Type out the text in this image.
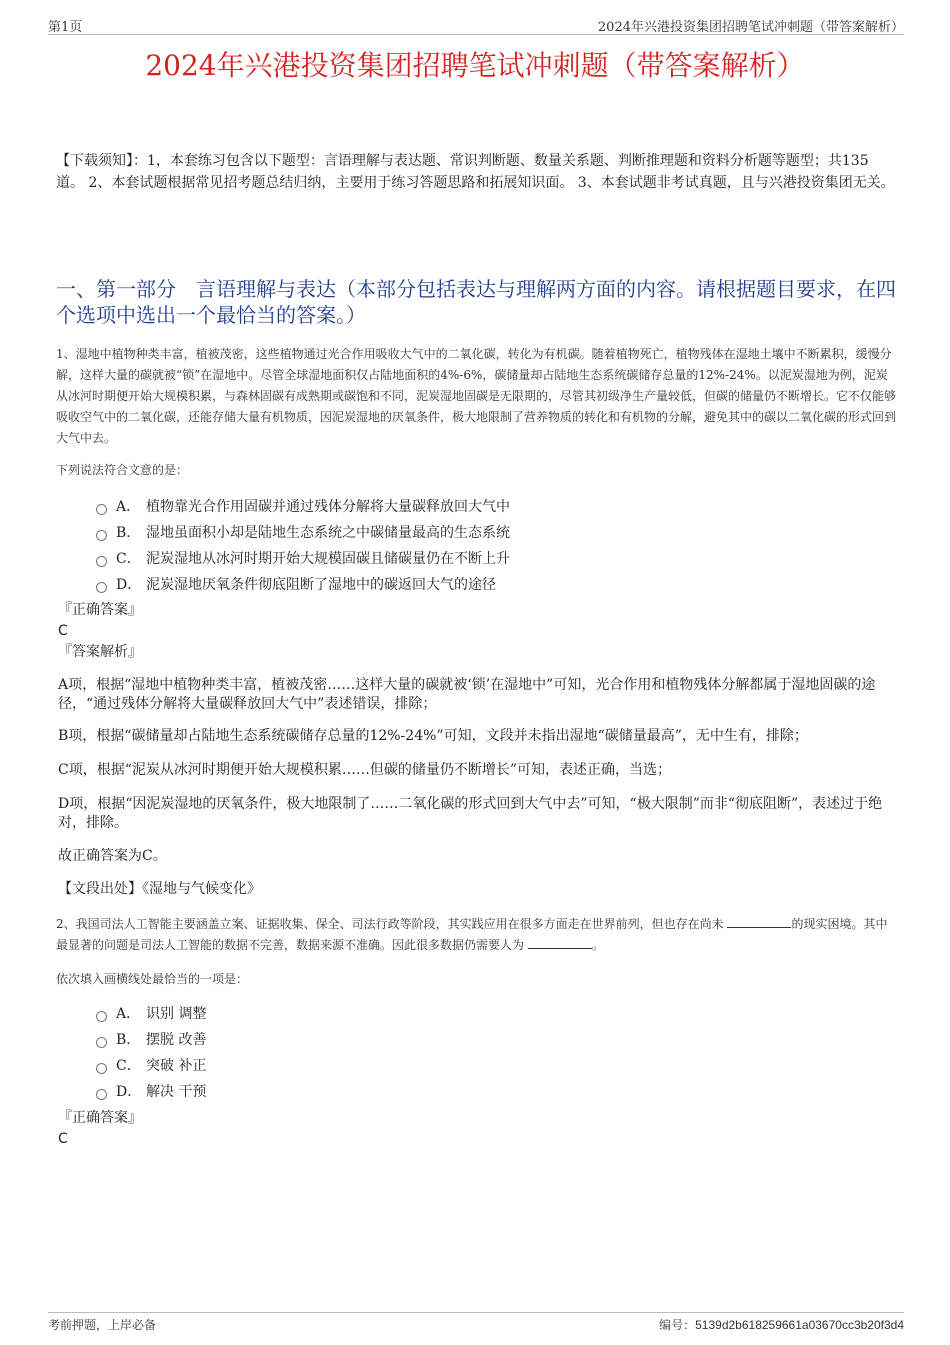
第1页	2024年兴港投资集团招聘笔试冲刺题（带答案解析）
2024年兴港投资集团招聘笔试冲刺题（带答案解析）
【下载须知】：1，本套练习包含以下题型：言语理解与表达题、常识判断题、数量关系题、判断推理题和资料分析题等题型；共135道。 2、本套试题根据常见招考题总结归纳，主要用于练习答题思路和拓展知识面。 3、本套试题非考试真题，且与兴港投资集团无关。
一、第一部分　言语理解与表达（本部分包括表达与理解两方面的内容。请根据题目要求，在四个选项中选出一个最恰当的答案。）
1、湿地中植物种类丰富，植被茂密，这些植物通过光合作用吸收大气中的二氧化碳，转化为有机碳。随着植物死亡，植物残体在湿地土壤中不断累积，缓慢分解，这样大量的碳就被“锁”在湿地中。尽管全球湿地面积仅占陆地面积的4%-6%，碳储量却占陆地生态系统碳储存总量的12%-24%。以泥炭湿地为例，泥炭从冰河时期便开始大规模积累，与森林固碳有成熟期或碳饱和不同，泥炭湿地固碳是无限期的，尽管其初级净生产量较低，但碳的储量仍不断增长。它不仅能够吸收空气中的二氧化碳，还能存储大量有机物质，因泥炭湿地的厌氧条件，极大地限制了营养物质的转化和有机物的分解，避免其中的碳以二氧化碳的形式回到大气中去。
下列说法符合文意的是：
A． 植物靠光合作用固碳并通过残体分解将大量碳释放回大气中
B． 湿地虽面积小却是陆地生态系统之中碳储量最高的生态系统
C． 泥炭湿地从冰河时期开始大规模固碳且储碳量仍在不断上升
D． 泥炭湿地厌氧条件彻底阻断了湿地中的碳返回大气的途径
『正确答案』
C
『答案解析』
A项，根据“湿地中植物种类丰富，植被茂密……这样大量的碳就被‘锁’在湿地中”可知，光合作用和植物残体分解都属于湿地固碳的途径，“通过残体分解将大量碳释放回大气中”表述错误，排除；
B项，根据“碳储量却占陆地生态系统碳储存总量的12%-24%”可知，文段并未指出湿地“碳储量最高”，无中生有，排除；
C项，根据“泥炭从冰河时期便开始大规模积累……但碳的储量仍不断增长”可知，表述正确，当选；
D项，根据“因泥炭湿地的厌氧条件，极大地限制了……二氧化碳的形式回到大气中去”可知，“极大限制”而非“彻底阻断”，表述过于绝对，排除。
故正确答案为C。
【文段出处】《湿地与气候变化》
2、我国司法人工智能主要涵盖立案、证据收集、保全、司法行政等阶段，其实践应用在很多方面走在世界前列，但也存在尚未	的现实困境。其中最显著的问题是司法人工智能的数据不完善，数据来源不准确。因此很多数据仍需要人为	。
依次填入画横线处最恰当的一项是：
A． 识别 调整
B． 摆脱 改善
C． 突破 补正
D． 解决 干预
『正确答案』
C
考前押题，上岸必备	编号：5139d2b618259661a03670cc3b20f3d4
